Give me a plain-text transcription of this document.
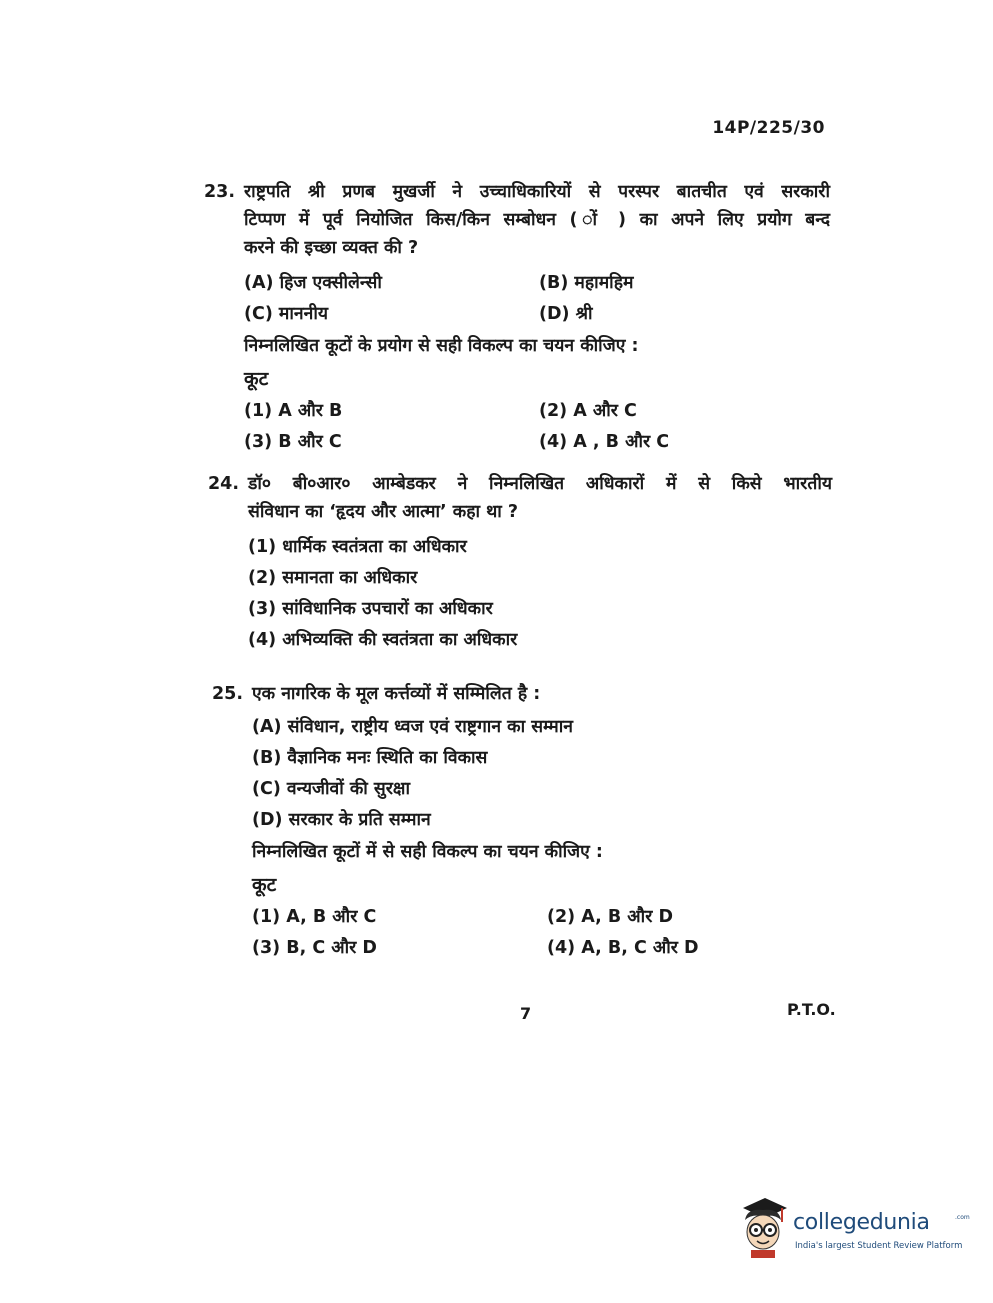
14P/225/30
23. राष्ट्रपति श्री प्रणब मुखर्जी ने उच्चाधिकारियों से परस्पर बातचीत एवं सरकारी
टिप्पण में पूर्व नियोजित किस/किन सम्बोधन ( ों ) का अपने लिए प्रयोग बन्द
करने की इच्छा व्यक्त की ?
(A) हिज एक्सीलेन्सी	(B) महामहिम
(C) माननीय	(D) श्री
निम्नलिखित कूटों के प्रयोग से सही विकल्प का चयन कीजिए :
कूट
(1) A और B	(2) A और C
(3) B और C	(4) A , B और C
24. डॉ० बी०आर० आम्बेडकर ने निम्नलिखित अधिकारों में से किसे भारतीय
संविधान का ‘हृदय और आत्मा’ कहा था ?
(1) धार्मिक स्वतंत्रता का अधिकार
(2) समानता का अधिकार
(3) सांविधानिक उपचारों का अधिकार
(4) अभिव्यक्ति की स्वतंत्रता का अधिकार
25. एक नागरिक के मूल कर्त्तव्यों में सम्मिलित है :
(A) संविधान, राष्ट्रीय ध्वज एवं राष्ट्रगान का सम्मान
(B) वैज्ञानिक मनः स्थिति का विकास
(C) वन्यजीवों की सुरक्षा
(D) सरकार के प्रति सम्मान
निम्नलिखित कूटों में से सही विकल्प का चयन कीजिए :
कूट
(1) A, B और C	(2) A, B और D
(3) B, C और D	(4) A, B, C और D
7	P.T.O.
collegedunia	.com
India's largest Student Review Platform
